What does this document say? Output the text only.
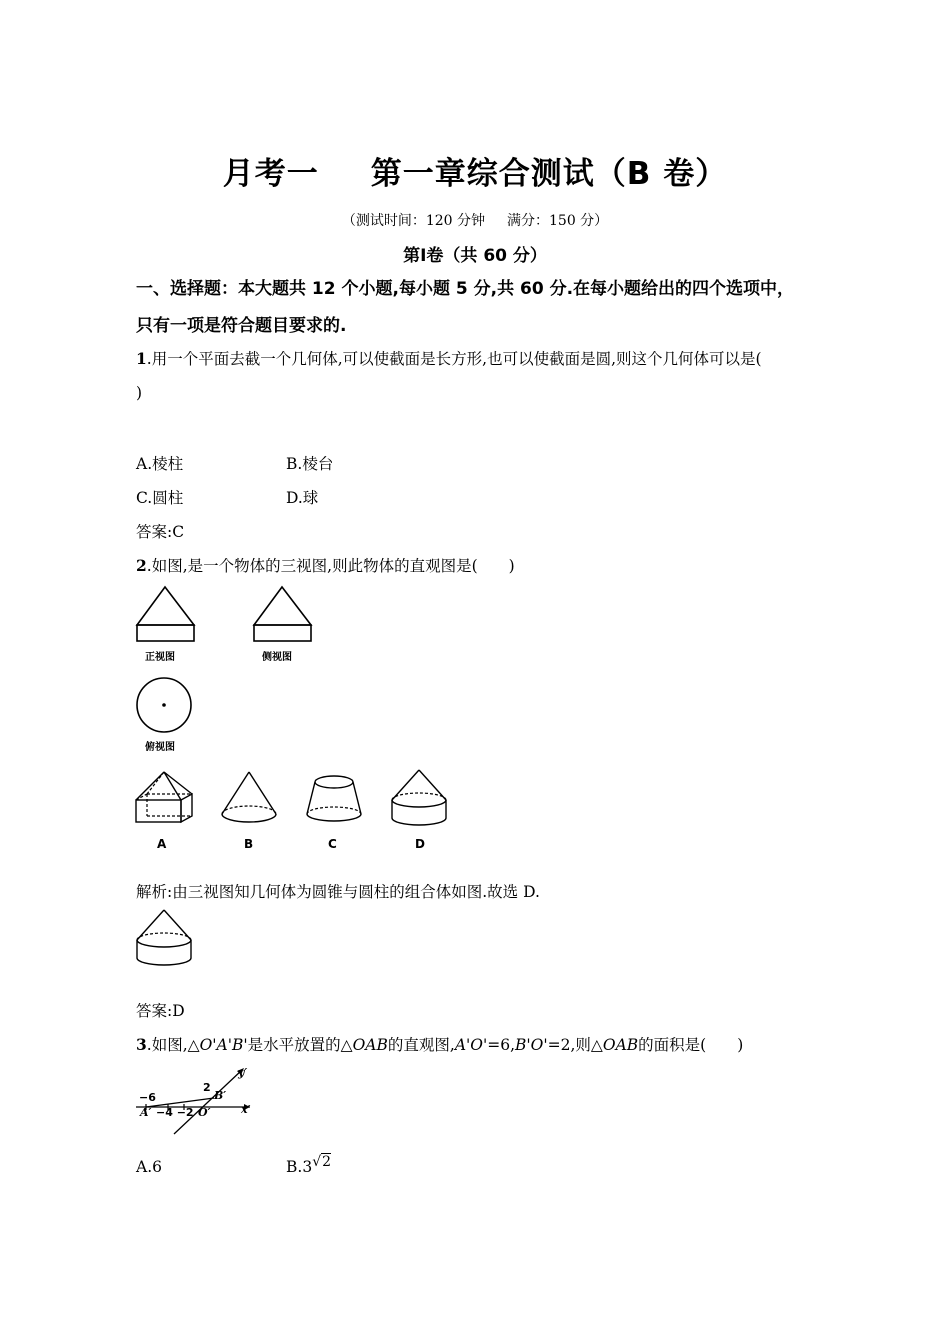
月考一 第一章综合测试（B 卷）
（测试时间：120 分钟 满分：150 分）
第Ⅰ卷（共 60 分）
一、选择题：本大题共 12 个小题,每小题 5 分,共 60 分.在每小题给出的四个选项中，
只有一项是符合题目要求的.
1.用一个平面去截一个几何体,可以使截面是长方形,也可以使截面是圆,则这个几何体可以是(
)
A.棱柱	B.棱台
C.圆柱	D.球
答案:C
2.如图,是一个物体的三视图,则此物体的直观图是(　　)
正视图	侧视图
俯视图
A	B	C	D
解析:由三视图知几何体为圆锥与圆柱的组合体如图.故选 D.
答案:D
3.如图,△O'A'B'是水平放置的△OAB的直观图,A'O'=6,B'O'=2,则△OAB的面积是(　　)
−6
−4 −2
2
A′	O′
B′
x′
y′
A.6	B.3√2
